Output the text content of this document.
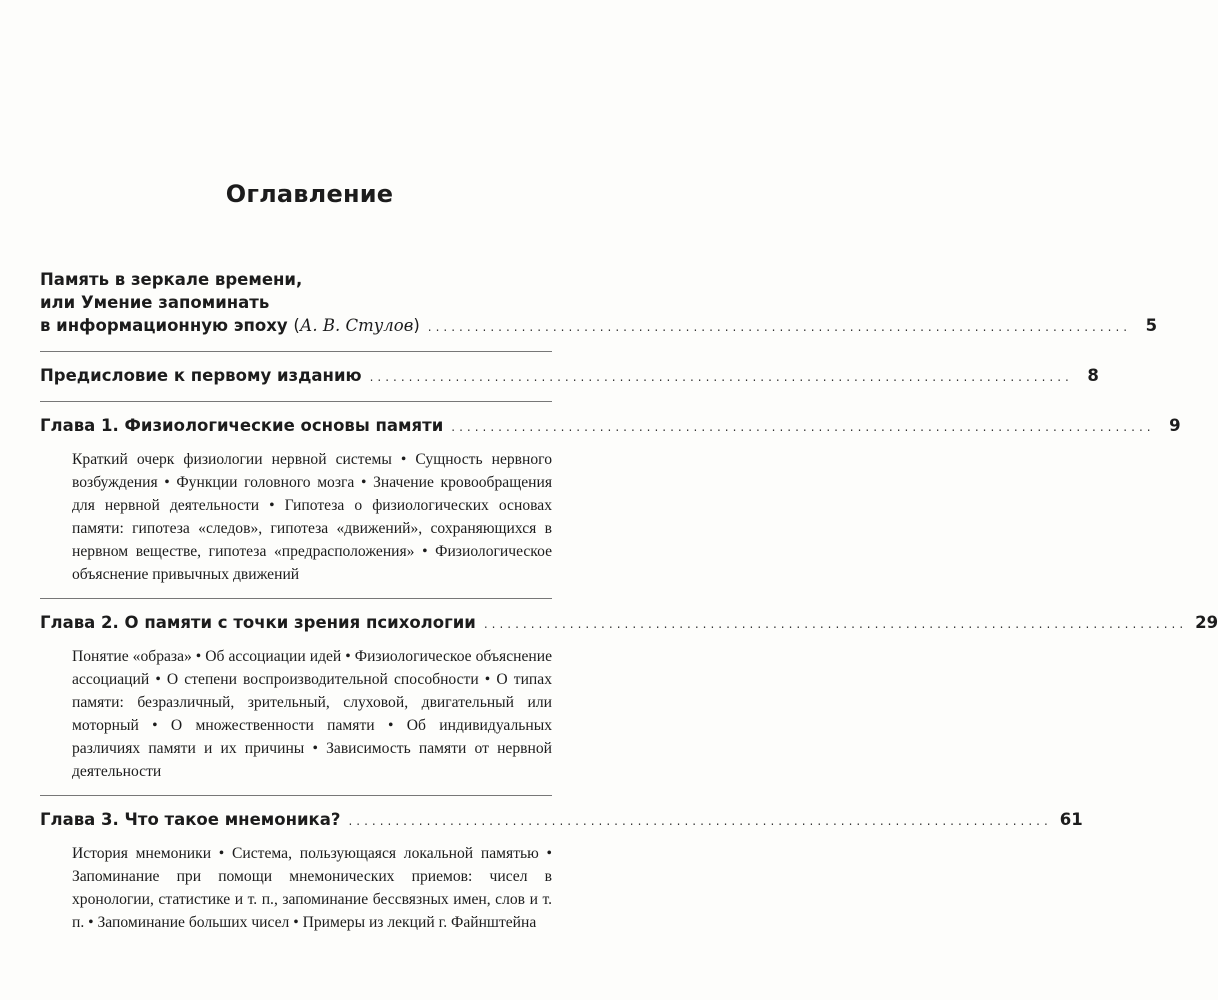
Оглавление
Память в зеркале времени,
или Умение запоминать
в информационную эпоху (А. В. Стулов) .......................................................................................... 5
Предисловие к первому изданию .......................................................................................... 8
Глава 1. Физиологические основы памяти .......................................................................................... 9

Краткий очерк физиологии нервной системы • Сущность нервного возбуждения • Функции головного мозга • Значение кровообращения для нервной деятельности • Гипотеза о физиологических основах памяти: гипотеза «следов», гипотеза «движений», сохраняющихся в нервном веществе, гипотеза «предрасположения» • Физиологическое объяснение привычных движений

Глава 2. О памяти с точки зрения психологии .......................................................................................... 29

Понятие «образа» • Об ассоциации идей • Физиологическое объяснение ассоциаций • О степени воспроизводительной способности • О типах памяти: безразличный, зрительный, слуховой, двигательный или моторный • О множественности памяти • Об индивидуальных различиях памяти и их причины • Зависимость памяти от нервной деятельности

Глава 3. Что такое мнемоника? .......................................................................................... 61

История мнемоники • Система, пользующаяся локальной памятью • Запоминание при помощи мнемонических приемов: чисел в хронологии, статистике и т. п., запоминание бессвязных имен, слов и т. п. • Запоминание больших чисел • Примеры из лекций г. Файнштейна
